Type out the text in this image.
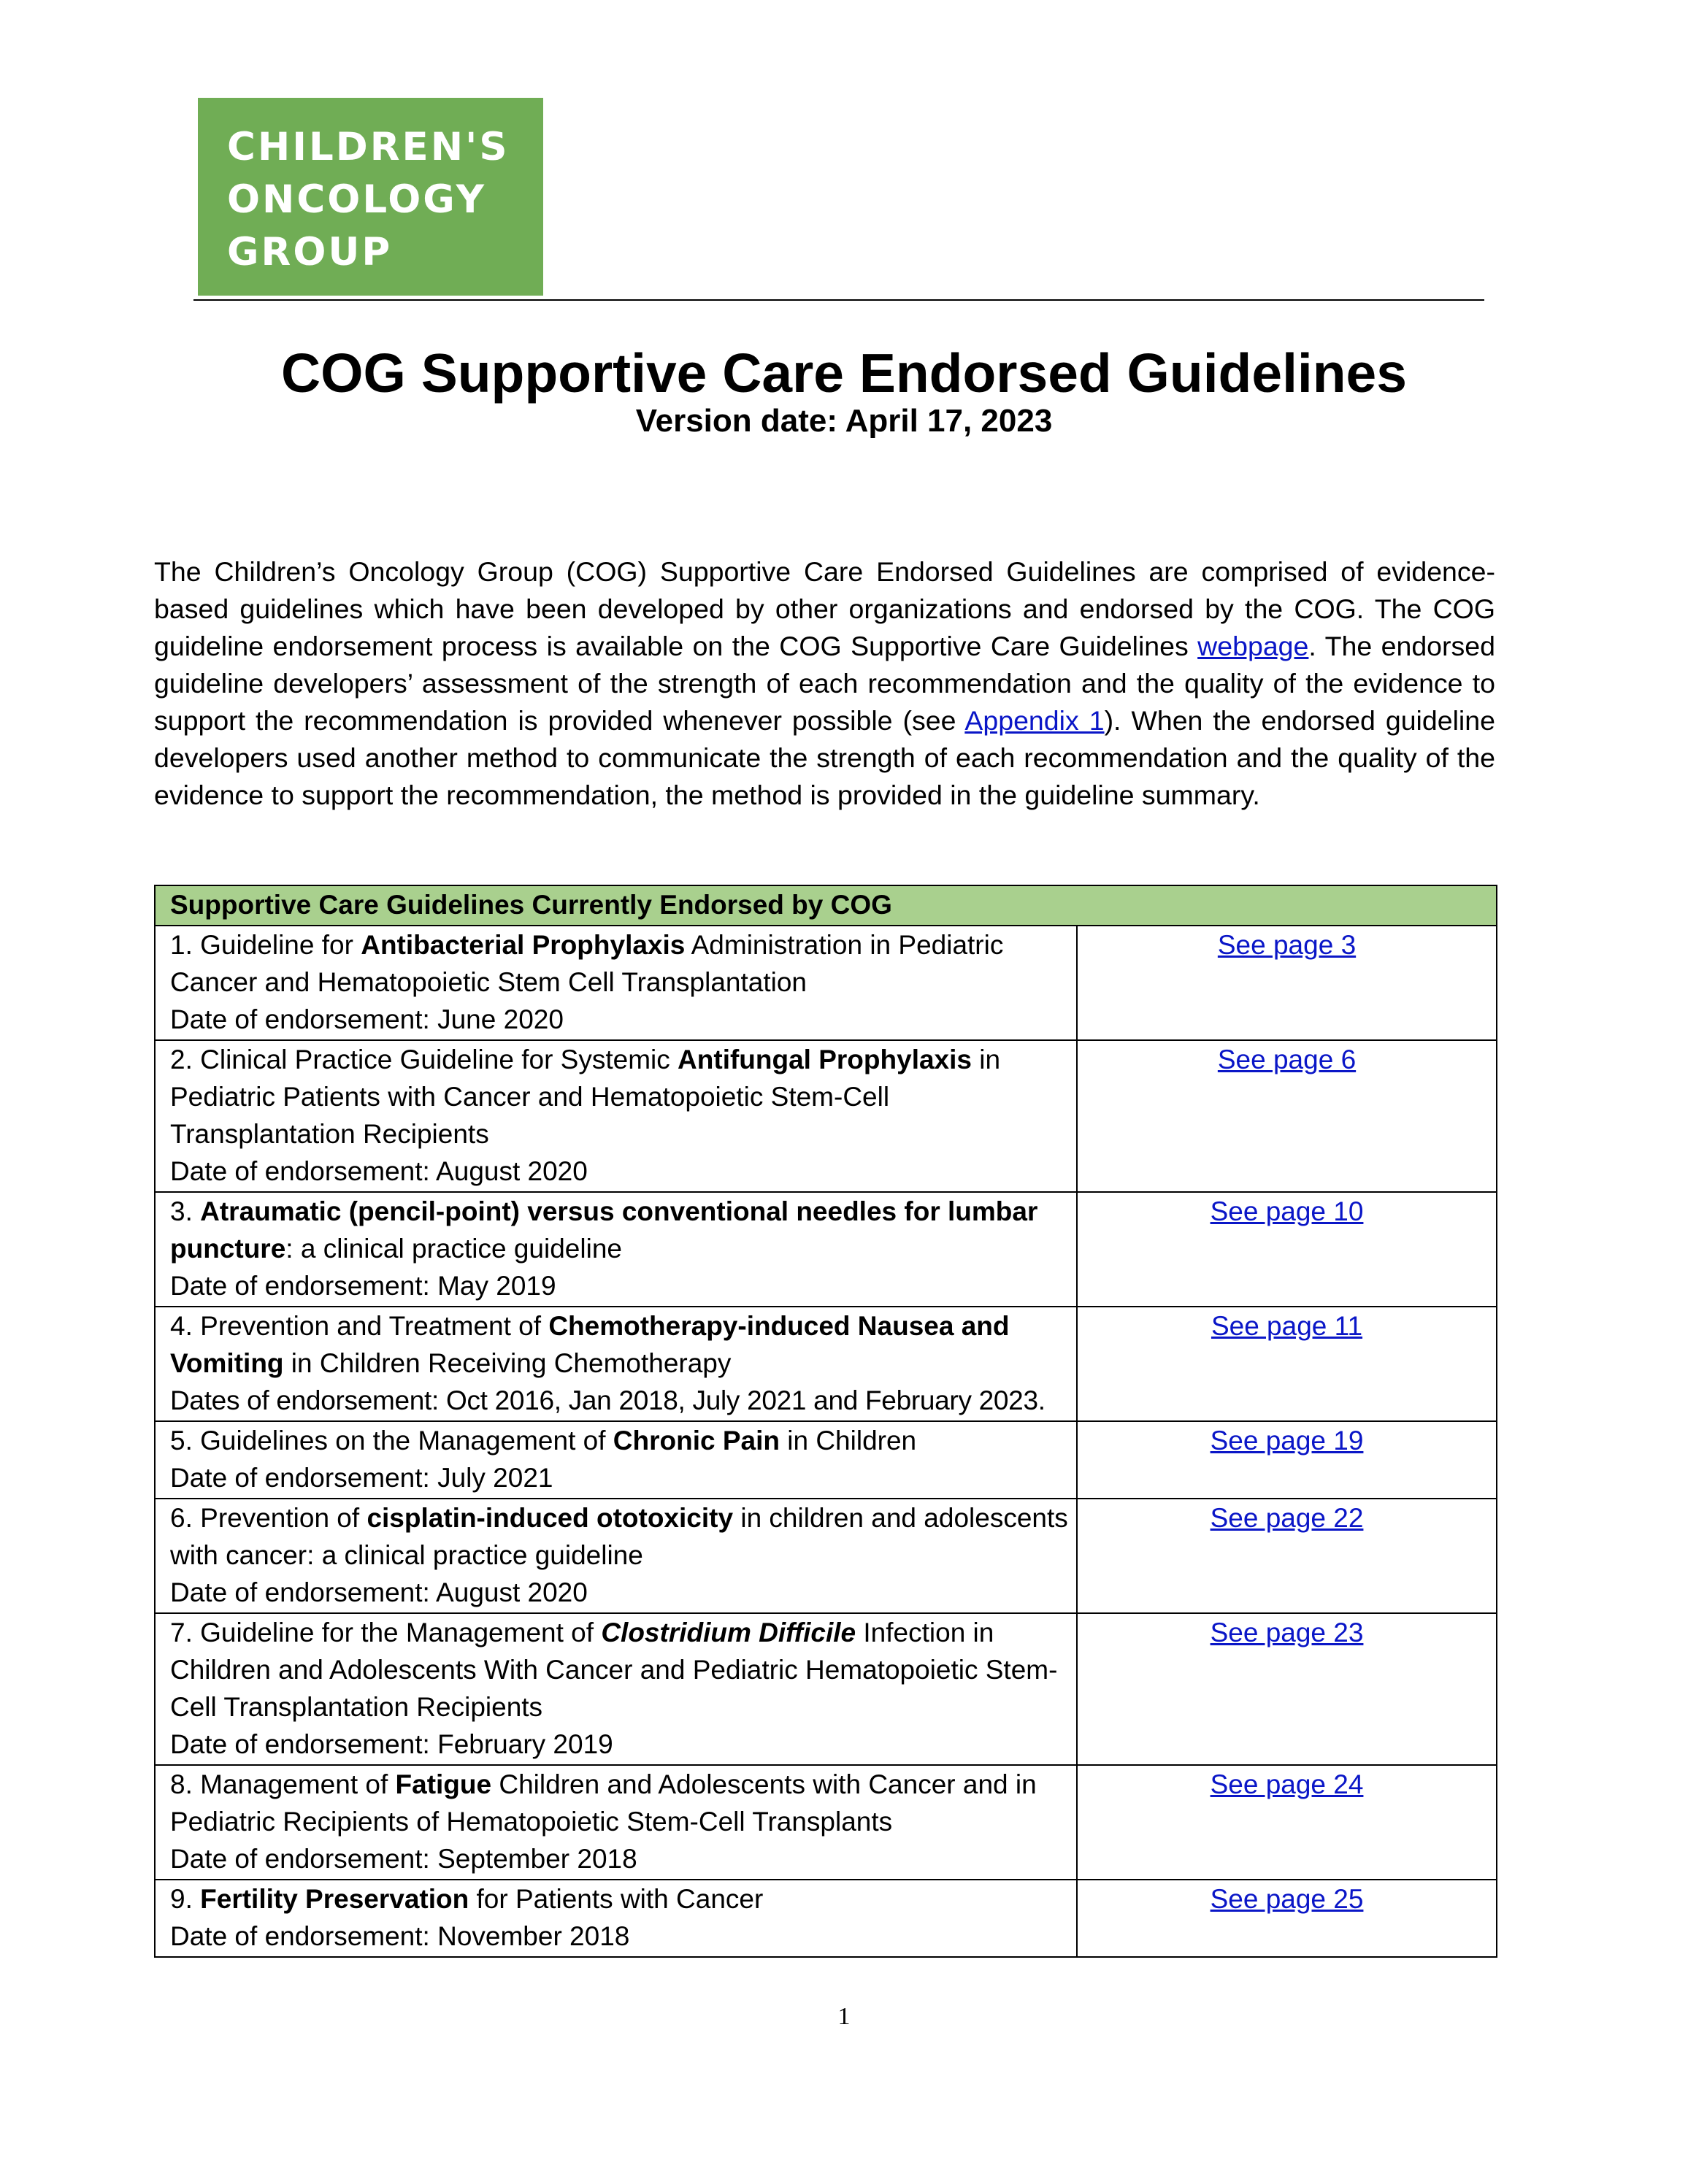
CHILDREN'S
ONCOLOGY
GROUP
COG Supportive Care Endorsed Guidelines
Version date: April 17, 2023

The Children’s Oncology Group (COG) Supportive Care Endorsed Guidelines are comprised of evidence-based guidelines which have been developed by other organizations and endorsed by the COG. The COG guideline endorsement process is available on the COG Supportive Care Guidelines webpage. The endorsed guideline developers’ assessment of the strength of each recommendation and the quality of the evidence to support the recommendation is provided whenever possible (see Appendix 1). When the endorsed guideline developers used another method to communicate the strength of each recommendation and the quality of the evidence to support the recommendation, the method is provided in the guideline summary.

Supportive Care Guidelines Currently Endorsed by COG	
1. Guideline for Antibacterial Prophylaxis Administration in Pediatric Cancer and Hematopoietic Stem Cell Transplantation
Date of endorsement: June 2020	See page 3
2. Clinical Practice Guideline for Systemic Antifungal Prophylaxis in Pediatric Patients with Cancer and Hematopoietic Stem-Cell Transplantation Recipients
Date of endorsement: August 2020	See page 6
3. Atraumatic (pencil-point) versus conventional needles for lumbar puncture: a clinical practice guideline
Date of endorsement: May 2019	See page 10
4. Prevention and Treatment of Chemotherapy-induced Nausea and Vomiting in Children Receiving Chemotherapy
Dates of endorsement: Oct 2016, Jan 2018, July 2021 and February 2023.	See page 11
5. Guidelines on the Management of Chronic Pain in Children
Date of endorsement: July 2021	See page 19
6. Prevention of cisplatin-induced ototoxicity in children and adolescents with cancer: a clinical practice guideline
Date of endorsement: August 2020	See page 22
7. Guideline for the Management of Clostridium Difficile Infection in Children and Adolescents With Cancer and Pediatric Hematopoietic Stem-Cell Transplantation Recipients
Date of endorsement: February 2019	See page 23
8. Management of Fatigue Children and Adolescents with Cancer and in Pediatric Recipients of Hematopoietic Stem-Cell Transplants
Date of endorsement: September 2018	See page 24
9. Fertility Preservation for Patients with Cancer
Date of endorsement: November 2018	See page 25

1
